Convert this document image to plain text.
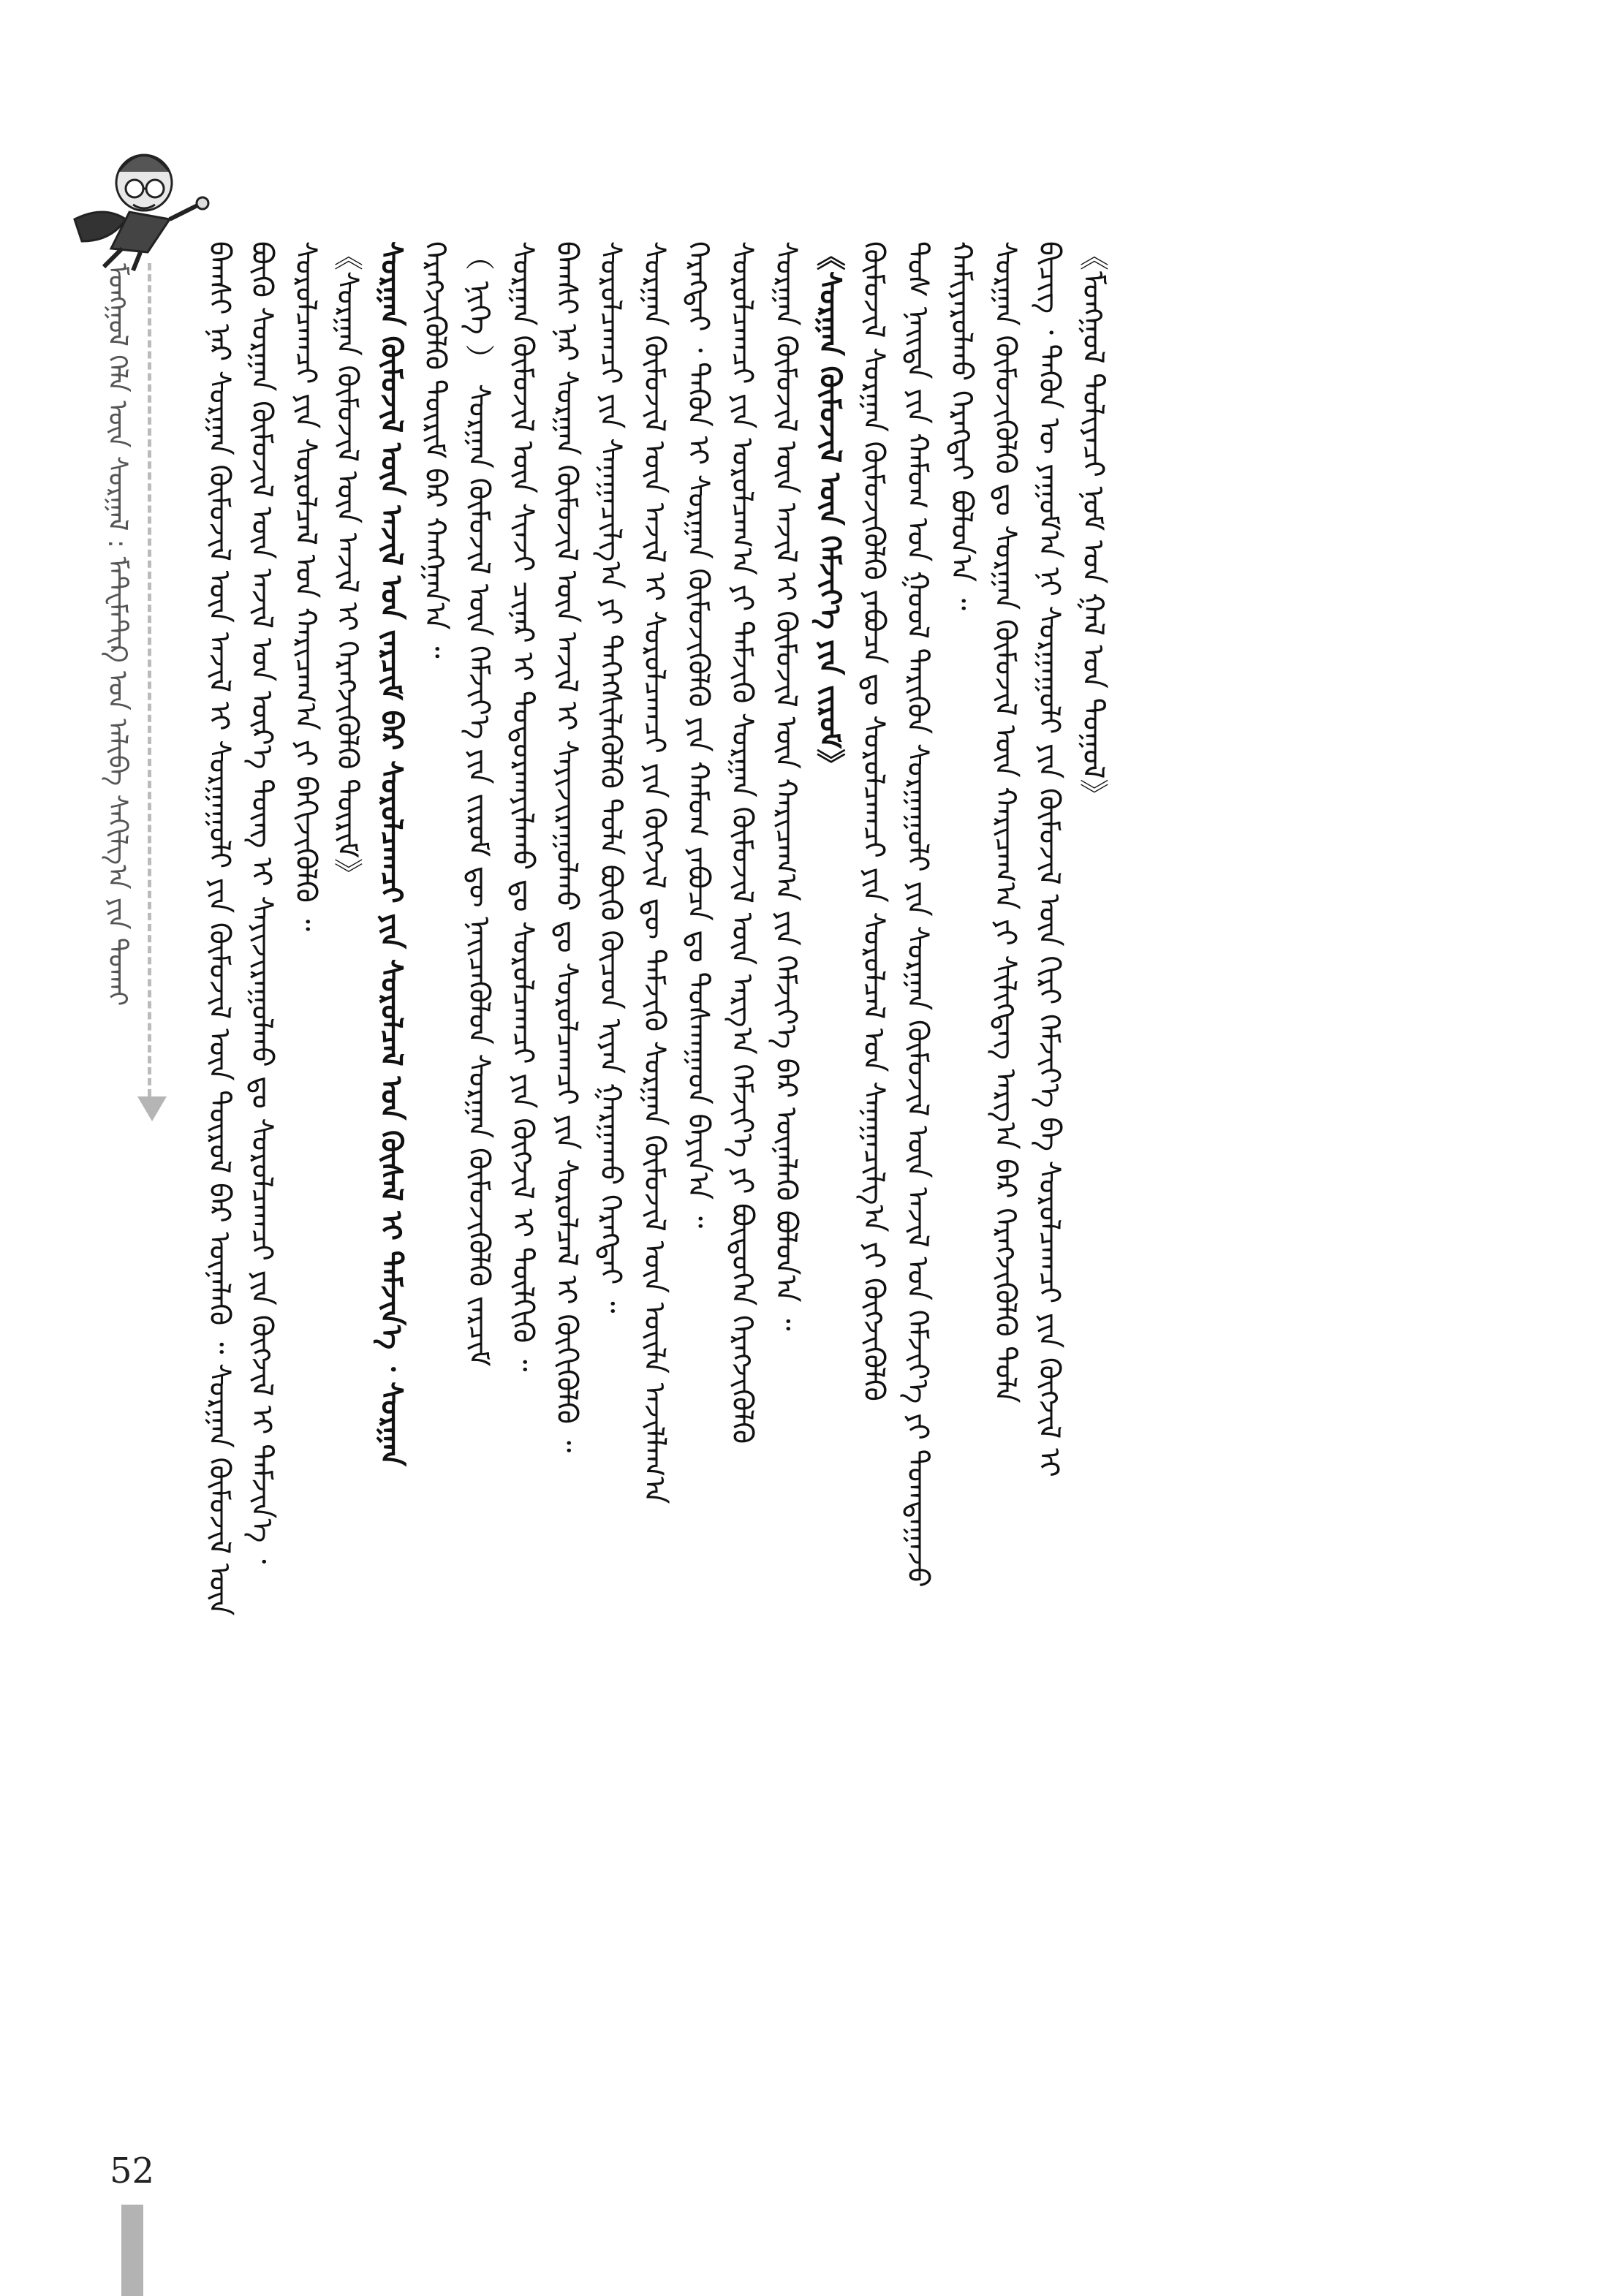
ᠮᠣᠩᠭᠣᠯ ᠬᠡᠯᠡ ᠦᠨ ᠰᠤᠷᠭᠠᠯ : ᠮᠠᠲ᠋ᠧᠮᠠᠲ᠋ᠢᠺ ᠤᠨ ᠠᠯᠢᠪᠠ ᠰᠠᠬᠢᠯᠭ᠎ᠠ ᠶᠢᠨ ᠲᠤᠬᠠᠢ ᠪᠠᠭᠰᠢ ᠨᠠᠷ ᠰᠤᠷᠭᠠᠨ ᠬᠦᠮᠦᠵᠢᠯ ᠦᠨ ᠠᠵᠢᠯ ᠢ ᠰᠤᠷᠭᠠᠭᠤᠯᠢ ᠶᠢᠨ ᠬᠦᠮᠦᠵᠢᠯ ᠦᠨ ᠲᠥᠷᠦᠯ ᠪᠠᠷ ᠦᠨᠡᠯᠡᠬᠦ ᠃ ᠰᠤᠷᠭᠠᠨ ᠬᠦᠮᠦᠵᠢᠯ ᠦᠨ ᠪᠦᠬᠦ ᠰᠤᠷᠭᠠᠨ ᠬᠦᠮᠦᠵᠢᠯ ᠦᠨ ᠠᠵᠢᠯ ᠤᠨ ᠦᠷ᠎ᠡ ᠳᠦᠩ ᠢ ᠰᠠᠶᠢᠵᠢᠷᠠᠭᠤᠯᠬᠤ ᠳᠤ ᠰᠤᠷᠤᠯᠴᠠᠭᠴᠢ ᠶᠢᠨ ᠬᠥᠭᠵᠢᠯ ᠢ ᠳᠡᠮᠵᠢᠨ᠎ᠡ ᠂ ᠰᠤᠷᠤᠯᠴᠠᠭᠴᠢ ᠶᠢᠨ ᠰᠤᠷᠤᠯᠴᠠᠯ ᠤᠨ ᠬᠠᠷᠢᠴᠠᠭ᠎ᠠ ᠶᠢ ᠪᠡᠬᠢᠵᠢᠭᠦᠯᠬᠦ ᠃ 《ᠰᠤᠷᠭᠠᠨ ᠬᠦᠮᠦᠵᠢᠯ ᠦᠨ ᠠᠵᠢᠯ ᠢ ᠬᠡᠷᠡᠭᠵᠢᠭᠦᠯᠬᠦ ᠳᠦᠷᠢᠮ》 ᠰᠤᠷᠭᠠᠨ ᠬᠦᠮᠦᠵᠢᠯ ᠦᠨ ᠠᠵᠢᠯ ᠤᠨ ᠵᠠᠷᠴᠢᠮ ᠪᠡᠷ ᠰᠤᠷᠤᠯᠴᠠᠭᠴᠢ ᠶᠢᠨ ᠰᠤᠷᠤᠯᠴᠠᠯ ᠤᠨ ᠬᠦᠰᠡᠯ ᠢ ᠳᠡᠮᠵᠢᠨ᠎ᠡ ᠂ ᠰᠤᠷᠭᠠᠨ ᠬᠡᠷᠡᠭᠵᠢᠭᠦᠯᠬᠦ ᠳᠦᠷᠢᠮ ᠪᠠᠷ ᠬᠠᠩᠭᠠᠨ᠎ᠠ ᠃ （ ᠨᠢᠭᠡ ） ᠰᠤᠷᠭᠠᠨ ᠬᠦᠮᠦᠵᠢᠯ ᠦᠨ ᠬᠡᠮᠵᠢᠶ᠎ᠡ ᠶᠢᠨ ᠵᠢᠷᠤᠮ ᠳᠦ ᠨᠡᠢᠴᠡᠭᠦᠯᠦᠨ ᠰᠤᠷᠭᠠᠨ ᠬᠦᠮᠦᠵᠢᠭᠦᠯᠬᠦ ᠵᠠᠷᠴᠢᠮ ᠰᠤᠷᠭᠠᠨ ᠬᠦᠮᠦᠵᠢᠯ ᠦᠨ ᠰᠢᠨᠵᠢ ᠴᠢᠨᠠᠷ ᠢ ᠲᠣᠳᠤᠷᠬᠠᠶᠢᠯᠠᠬᠤ ᠳᠤ ᠰᠤᠷᠤᠯᠴᠠᠭᠴᠢ ᠶᠢᠨ ᠬᠥᠭᠵᠢᠯ ᠢ ᠲᠦᠯᠬᠢᠬᠦ ᠃ ᠪᠠᠭᠰᠢ ᠨᠠᠷ ᠰᠤᠷᠭᠠᠨ ᠬᠦᠮᠦᠵᠢᠯ ᠦᠨ ᠠᠵᠢᠯ ᠢ ᠰᠠᠶᠢᠵᠢᠷᠠᠭᠤᠯᠬᠤ ᠳᠤ ᠰᠤᠷᠤᠯᠴᠠᠭᠴᠢ ᠶᠢᠨ ᠰᠤᠷᠤᠯᠴᠠᠯ ᠢ ᠬᠥᠬᠢᠭᠦᠯᠬᠦ ᠃ ᠰᠤᠷᠤᠯᠴᠠᠭᠴᠢ ᠶᠢᠨ ᠰᠠᠨᠠᠭᠠᠴᠢᠯᠭ᠎ᠠ ᠶᠢ ᠳᠡᠭᠡᠭᠰᠢᠯᠡᠭᠦᠯᠬᠦ ᠲᠤᠯᠠ ᠪᠦᠬᠦ ᠬᠦᠴᠦᠨ ᠢᠶᠡᠨ ᠭᠠᠷᠭᠠᠬᠤ ᠬᠡᠷᠡᠭᠲᠡᠢ ᠃ ᠰᠤᠷᠭᠠᠨ ᠬᠦᠮᠦᠵᠢᠯ ᠦᠨ ᠠᠵᠢᠯ ᠢ ᠰᠤᠷᠤᠯᠴᠠᠭᠴᠢ ᠶᠢᠨ ᠬᠥᠭᠵᠢᠯ ᠳᠦ ᠳᠡᠮᠵᠢᠬᠦ ᠰᠤᠷᠭᠠᠨ ᠬᠦᠮᠦᠵᠢᠯ ᠦᠨ ᠦᠢᠯᠡ ᠠᠵᠢᠯᠯᠠᠭ᠎ᠠ ᠬᠡᠷᠡᠭᠲᠡᠢ ᠂ ᠲᠡᠭᠦᠨ ᠢ ᠰᠤᠷᠭᠠᠨ ᠬᠦᠮᠦᠵᠢᠭᠦᠯᠬᠦ ᠶᠢᠨ ᠬᠠᠮᠤᠭ ᠶᠠᠪᠤᠴᠠ ᠳᠤ ᠲᠤᠰᠬᠠᠭᠠᠳ ᠪᠠᠶᠢᠨ᠎ᠠ ᠃ ᠰᠤᠷᠤᠯᠴᠠᠭᠴᠢ ᠶᠢᠨ ᠤᠷᠤᠯᠴᠠᠭ᠎ᠠ ᠶᠢ ᠳᠡᠮᠵᠢᠬᠦ ᠰᠤᠷᠭᠠᠨ ᠬᠦᠮᠦᠵᠢᠯ ᠦᠨ ᠠᠷᠭ᠎ᠠ ᠬᠡᠮᠵᠢᠶ᠎ᠡ ᠶᠢ ᠪᠦᠲᠦᠭᠡᠨ ᠬᠡᠷᠡᠭᠵᠢᠭᠦᠯᠬᠦ ᠰᠤᠷᠭᠠᠨ ᠬᠦᠮᠦᠵᠢᠯ ᠦᠨ ᠠᠵᠢᠯ ᠢ ᠬᠦᠮᠦᠵᠢᠯ ᠦᠨ ᠬᠠᠷᠢᠴᠠᠭ᠎ᠠ ᠶᠢᠨ ᠬᠡᠮᠵᠢᠶ᠎ᠡ ᠪᠠᠷ ᠦᠨᠡᠯᠡᠬᠦ ᠪᠤᠯᠤᠨ᠎ᠠ ᠃ 《ᠰᠤᠷᠭᠠᠨ ᠬᠦᠮᠦᠵᠢᠯ ᠦᠨ ᠬᠡᠮᠵᠢᠶ᠎ᠡ ᠶᠢᠨ ᠵᠢᠷᠤᠮ》 ᠬᠦᠮᠦᠵᠢᠯ ᠰᠤᠷᠭᠠᠨ ᠬᠦᠮᠦᠵᠢᠭᠦᠯᠬᠦ ᠶᠠᠪᠤᠴᠠ ᠳᠤ ᠰᠤᠷᠤᠯᠴᠠᠭᠴᠢ ᠶᠢᠨ ᠰᠤᠷᠤᠯᠴᠠᠯ ᠤᠨ ᠰᠠᠨᠠᠭᠠᠴᠢᠯᠭ᠎ᠠ ᠶᠢ ᠬᠥᠭᠵᠢᠭᠦᠯᠬᠦ ᠲᠤᠰ ᠨᠡᠢᠲᠡ ᠶᠢᠨ ᠬᠠᠮᠤᠭ ᠤᠨ ᠭᠣᠣᠯ ᠲᠡᠷᠢᠭᠦᠨ ᠰᠤᠷᠭᠠᠭᠤᠯᠢ ᠶᠢᠨ ᠰᠤᠷᠭᠠᠨ ᠬᠦᠮᠦᠵᠢᠯ ᠦᠨ ᠠᠵᠢᠯ ᠤᠨ ᠬᠡᠮᠵᠢᠶ᠎ᠡ ᠶᠢ ᠲᠣᠭᠲᠠᠭᠠᠵᠤ ᠬᠠᠮᠢᠶᠠᠷᠤᠯᠬᠤ ᠬᠡᠷᠡᠭᠲᠡᠢ ᠪᠣᠯᠤᠨ᠎ᠠ ᠃ ᠰᠤᠷᠭᠠᠨ ᠬᠦᠮᠦᠵᠢᠭᠦᠯᠬᠦ ᠳᠤ ᠰᠤᠷᠭᠠᠨ ᠬᠦᠮᠦᠵᠢᠯ ᠦᠨ ᠬᠠᠷᠢᠴᠠᠭ᠎ᠠ ᠶᠢ ᠰᠢᠯᠢᠭᠳᠡᠭ ᠠᠷᠭ᠎ᠠ ᠪᠠᠷ ᠬᠡᠷᠡᠭᠵᠢᠭᠦᠯᠬᠦ ᠲᠤᠯᠠ ᠪᠢᠴᠢᠭ᠌ ᠂ ᠲᠡᠭᠦᠨ ᠦ ᠶᠠᠭᠤᠮ᠎ᠠ ᠨᠢ ᠰᠤᠷᠭᠠᠭᠤᠯᠢ ᠶᠢᠨ ᠬᠦᠮᠦᠵᠢᠯ ᠦᠨ ᠬᠢᠷᠢ ᠬᠡᠮᠵᠢᠶ᠎ᠡ ᠪᠠ ᠰᠤᠷᠤᠯᠴᠠᠭᠴᠢ ᠶᠢᠨ ᠬᠦᠭᠵᠢᠯ ᠢ 《ᠮᠣᠩᠭᠣᠯ ᠲᠤᠯᠢᠶᠠᠴᠢ ᠨᠣᠮ ᠤᠨ ᠭᠠᠯ ᠤᠨ ᠲᠤᠭᠤᠯ》
52
